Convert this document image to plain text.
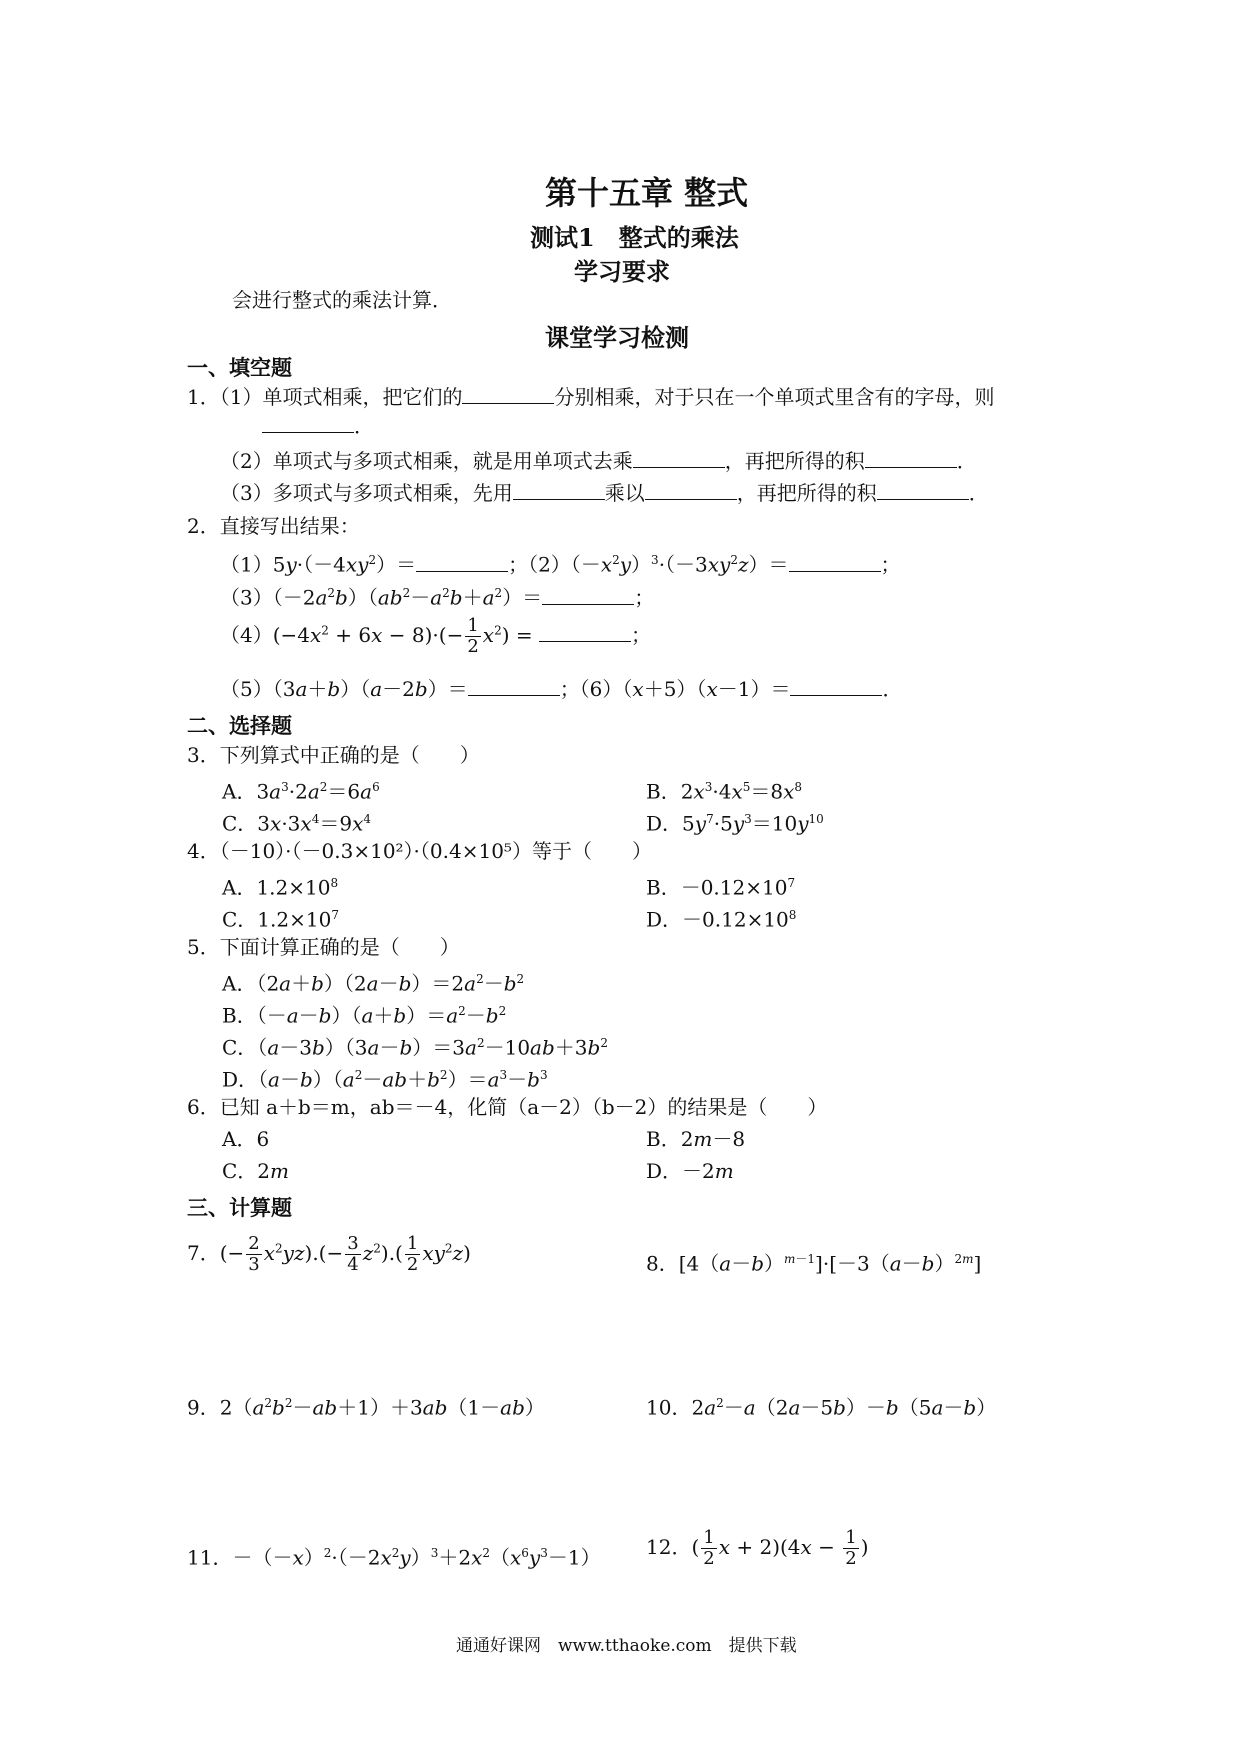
第十五章 整式
测试1　整式的乘法
学习要求
会进行整式的乘法计算．
课堂学习检测
一、填空题
1．（1）单项式相乘，把它们的	分别相乘，对于只在一个单项式里含有的字母，则
．
（2）单项式与多项式相乘，就是用单项式去乘	，再把所得的积	．
（3）多项式与多项式相乘，先用	乘以	，再把所得的积	．
2．直接写出结果：
$(1)5y\cdot(-4xy^2)=$	；$(2)(-x^2y)^3\cdot(-3xy^2z)=$	；
$(3)(-2a^2b)(ab^2-a^2b+a^2)=$	；
$(4)(-4x^2 + 6x - 8)\cdot(- \frac{1}{2} x^2)$ =	；
（5）（3a＋b）（a－2b）＝	；（6）（x＋5）（x－1）＝	．
二、选择题
3．下列算式中正确的是（　　）
A．$3a^3\cdot 2a^2=6a^6$	B．$2x^3\cdot 4x^5=8x^8$
C．$3x\cdot 3x^4=9x^4$	D．$5y^7\cdot 5y^3=10y^{10}$
4．（－10）·（－0.3×10²）·（0.4×10⁵）等于（　　）
A．$1.2\times 10^8$	B．$-0.12\times 10^7$
C．$1.2\times 10^7$	D．$-0.12\times 10^8$
5．下面计算正确的是（　　）
A．$(2a+b)(2a-b)=2a^2-b^2$
B．$(-a-b)(a+b)=a^2-b^2$
C．$(a-3b)(3a-b)=3a^2-10ab+3b^2$
D．$(a-b)(a^2-ab+b^2)=a^3-b^3$
6．已知 a＋b＝m，ab＝－4，化简（a－2）（b－2）的结果是（　　）
A．6	B．2m－8
C．2m	D．－2m
三、计算题
7．(− $\frac{2}{3} x^2yz).(- \frac{3}{4} z^2).( \frac{1}{2} xy^2z)$	8．$[4(a-b)^{m-1}]\cdot[-3(a-b)^{2m}]$
9．$2(a^2b^2-ab+1)+3ab(1-ab)$	10．$2a^2-a(2a-5b)-b(5a-b)$
11．$-(-x)^2\cdot(-2x^2y)^3+2x^2(x^6y^3-1)$ 12．( $\frac{1}{2}$ $x + 2)(4x - \frac{1}{2}$ )
通通好课网　www.tthaoke.com　提供下载
